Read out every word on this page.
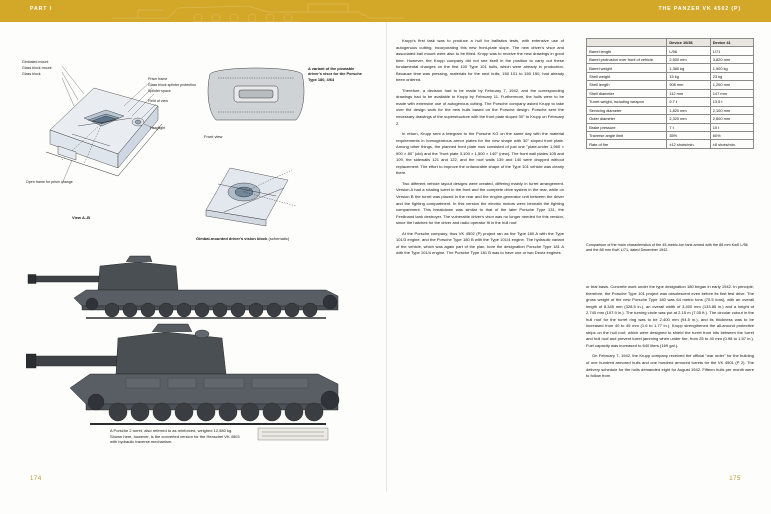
PART I	THE PANZER VK 4502 (P)
Gimbaled mount
Glass block mount
Glass block
Prism frame
Glass block splinter protection
Splinter space
Field of view
Headlight
Open frame for prism change
View A–B
Front view
A variant of the pivotable driver's visor for the Porsche Type 180, 4/64
Gimbal-mounted driver's vision block (schematic)
A Porsche 2 turret, also referred to as reinforced, weighed 12,580 kg. Shown here, however, is the converted version for the Henschel VK 4503 with hydraulic traverse mechanism.

Krupp's first task was to produce a hull for ballistics tests, with extensive use of autogenous cutting, incorporating this new front-plate slope. The new driver's visor and associated ball mount were also to be fitted. Krupp was to receive the new drawings in good time. However, the Krupp company did not see itself in the position to carry out these fundamental changes on the first 100 Type 101 hulls, which were already in production. Because time was pressing, materials for the next hulls, 150 101 to 150 150, had already been ordered.

Therefore, a decision had to be made by February 7, 1942, and the corresponding drawings had to be available to Krupp by February 11. Furthermore, the hulls were to be made with extensive use of autogenous cutting. The Porsche company asked Krupp to take over the design work for the new hulls based on the Porsche design. Porsche sent the necessary drawings of the superstructure with the front plate sloped 30° to Krupp on February 2.

In return, Krupp sent a telegram to the Porsche KG on the same day with the material requirements in homogeneous armor plates for the new shape with 30° sloped front plate. Among other things, the planned front plate now consisted of just one "plate-under 1,960 × 900 × 80" (old) and the "front plate 3,100 × 1,500 × 140" (new). The front wall plates 105 and 109, the sidewalls 121 and 122, and the roof walls 139 and 140 were dropped without replacement. The effort to improve the unfavorable shape of the Type 101 vehicle was clearly there.

Two different vehicle layout designs were created, differing mainly in turret arrangement. Version A had a rotating turret in the front and the complete drive system in the rear, while on Version B the turret was placed in the rear and the engine-generator unit between the driver and the fighting compartment. In this version the electric motors were beneath the fighting compartment. This breakdown was similar to that of the later Porsche Type 131, the Ferdinand tank destroyer. The vulnerable driver's visor was no longer needed for this version, since the hatches for the driver and radio operator fit in the hull roof.

At the Porsche company, thus VK 4502 (P) project ran as the Type 180 A with the Type 101/3 engine, and the Porsche Type 180 B with the Type 101/4 engine. The hydraulic variant of the vehicle, which was again part of the plan, bore the designation Porsche Type 181 A with the Type 101/4 engine. The Porsche Type 181 B was to have one or two Deutz engines

	Device 10/36	Device 41
Barrel length	L/56	L/71
Barrel protrusion over front of vehicle	2,500 mm	3,820 mm
Barrel weight	1,380 kg	1,900 kg
Shell weight	15 kg	23 kg
Shell length	908 mm	1,200 mm
Shell diameter	112 mm	147 mm
Turret weight, including weapon	9.7 t	13.5 t
Servicing diameter	1,820 mm	2,100 mm
Outer diameter	2,320 mm	2,600 mm
Brake pressure	7 t	10 t
Traverse angle limit	35%	60%
Rate of fire	±12 shots/min.	±8 shots/min.
Comparison of the main characteristics of the 45-metric-ton tank armed with the 88 mm KwK L/56 and the 88 mm KwK L/71, dated December 1942.

or trial basis. Concrete work under the type designation 180 began in early 1942. In principle, therefore, the Porsche Type 101 project was obsolescent even before its first test drive. The gross weight of the new Porsche Type 180 was 64 metric tons (70.5 tons), with an overall length of 8,345 mm (328.5 in.), an overall width of 3,400 mm (133.85 in.) and a height of 2,740 mm (107.9 in.). The turning circle was put at 2.15 m (7.05 ft.). The circular cutout in the hull roof for the turret ring was to be 2,400 mm (94.5 in.), and its thickness was to be increased from 40 to 45 mm (1.6 to 1.77 in.). Krupp strengthened the all-around protective strips on the hull roof, which were designed to shield the turret from hits between the turret and hull roof and prevent turret jamming when under fire, from 25 to 40 mm (0.98 to 1.57 in.). Fuel capacity was increased to 640 liters (169 gal.).

On February 7, 1942, the Krupp company received the official "war order" for the building of one hundred armored hulls and one hundred armored turrets for the VK 4501 (P 2). The delivery schedule for the hulls demanded eight for August 1942. Fifteen hulls per month were to follow from

174	175
